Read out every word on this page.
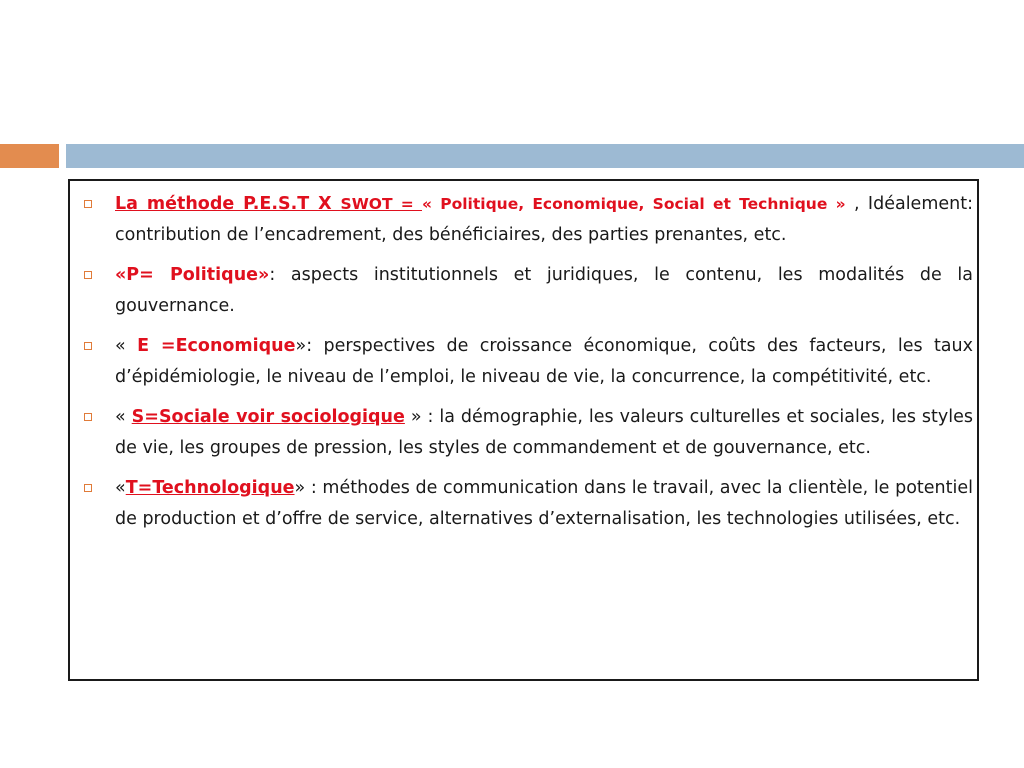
La méthode P.E.S.T X SWOT = « Politique, Economique, Social et Technique » , Idéalement: contribution de l’encadrement, des bénéficiaires, des parties prenantes, etc.
«P= Politique»: aspects institutionnels et juridiques, le contenu, les modalités de la gouvernance.
« E =Economique»: perspectives de croissance économique, coûts des facteurs, les taux d’épidémiologie, le niveau de l’emploi, le niveau de vie, la concurrence, la compétitivité, etc.
« S=Sociale voir sociologique » : la démographie, les valeurs culturelles et sociales, les styles de vie, les groupes de pression, les styles de commandement et de gouvernance, etc.
«T=Technologique» : méthodes de communication dans le travail, avec la clientèle, le potentiel de production et d’offre de service, alternatives d’externalisation, les technologies utilisées, etc.
